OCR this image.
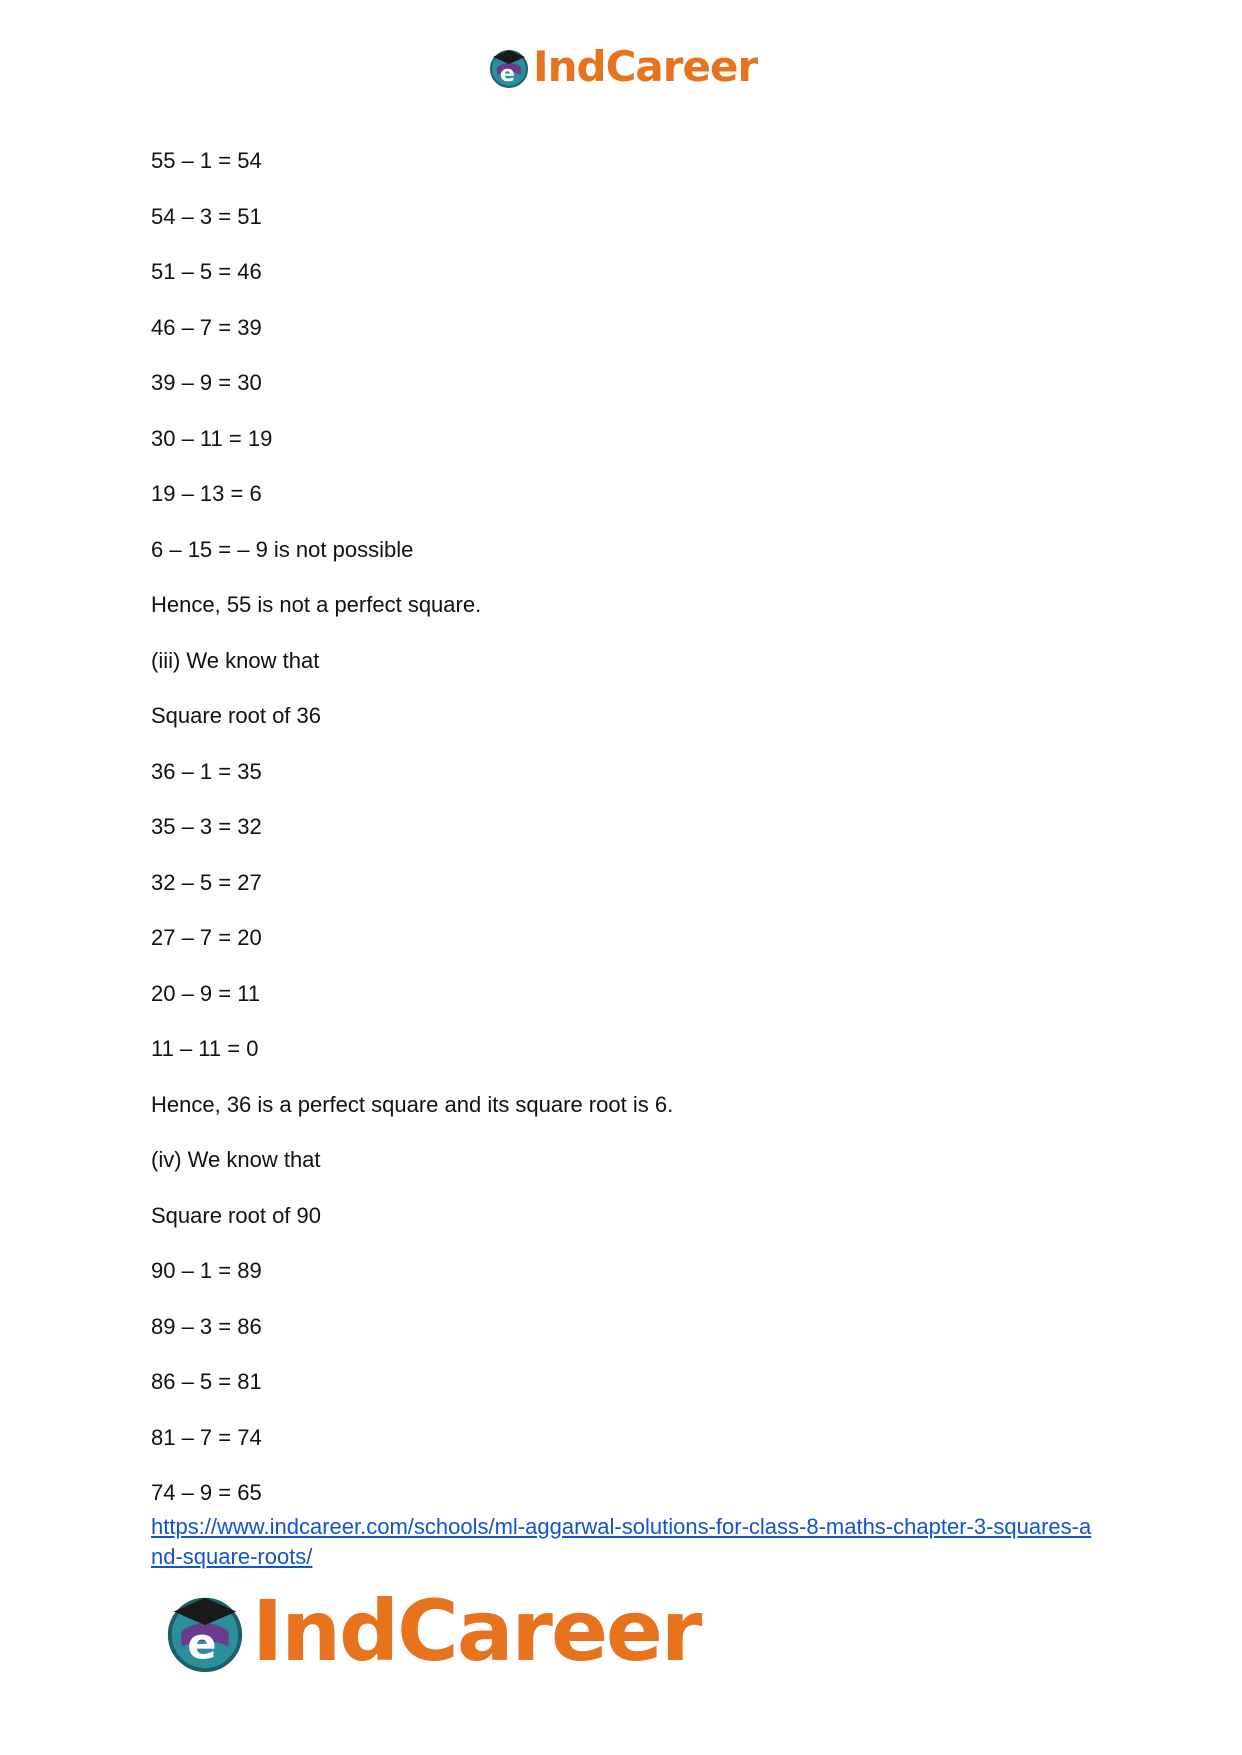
e IndCareer
55 – 1 = 54
54 – 3 = 51
51 – 5 = 46
46 – 7 = 39
39 – 9 = 30
30 – 11 = 19
19 – 13 = 6
6 – 15 = – 9 is not possible
Hence, 55 is not a perfect square.
(iii) We know that
Square root of 36
36 – 1 = 35
35 – 3 = 32
32 – 5 = 27
27 – 7 = 20
20 – 9 = 11
11 – 11 = 0
Hence, 36 is a perfect square and its square root is 6.
(iv) We know that
Square root of 90
90 – 1 = 89
89 – 3 = 86
86 – 5 = 81
81 – 7 = 74
74 – 9 = 65
https://www.indcareer.com/schools/ml-aggarwal-solutions-for-class-8-maths-chapter-3-squares-and-square-roots/
e IndCareer
